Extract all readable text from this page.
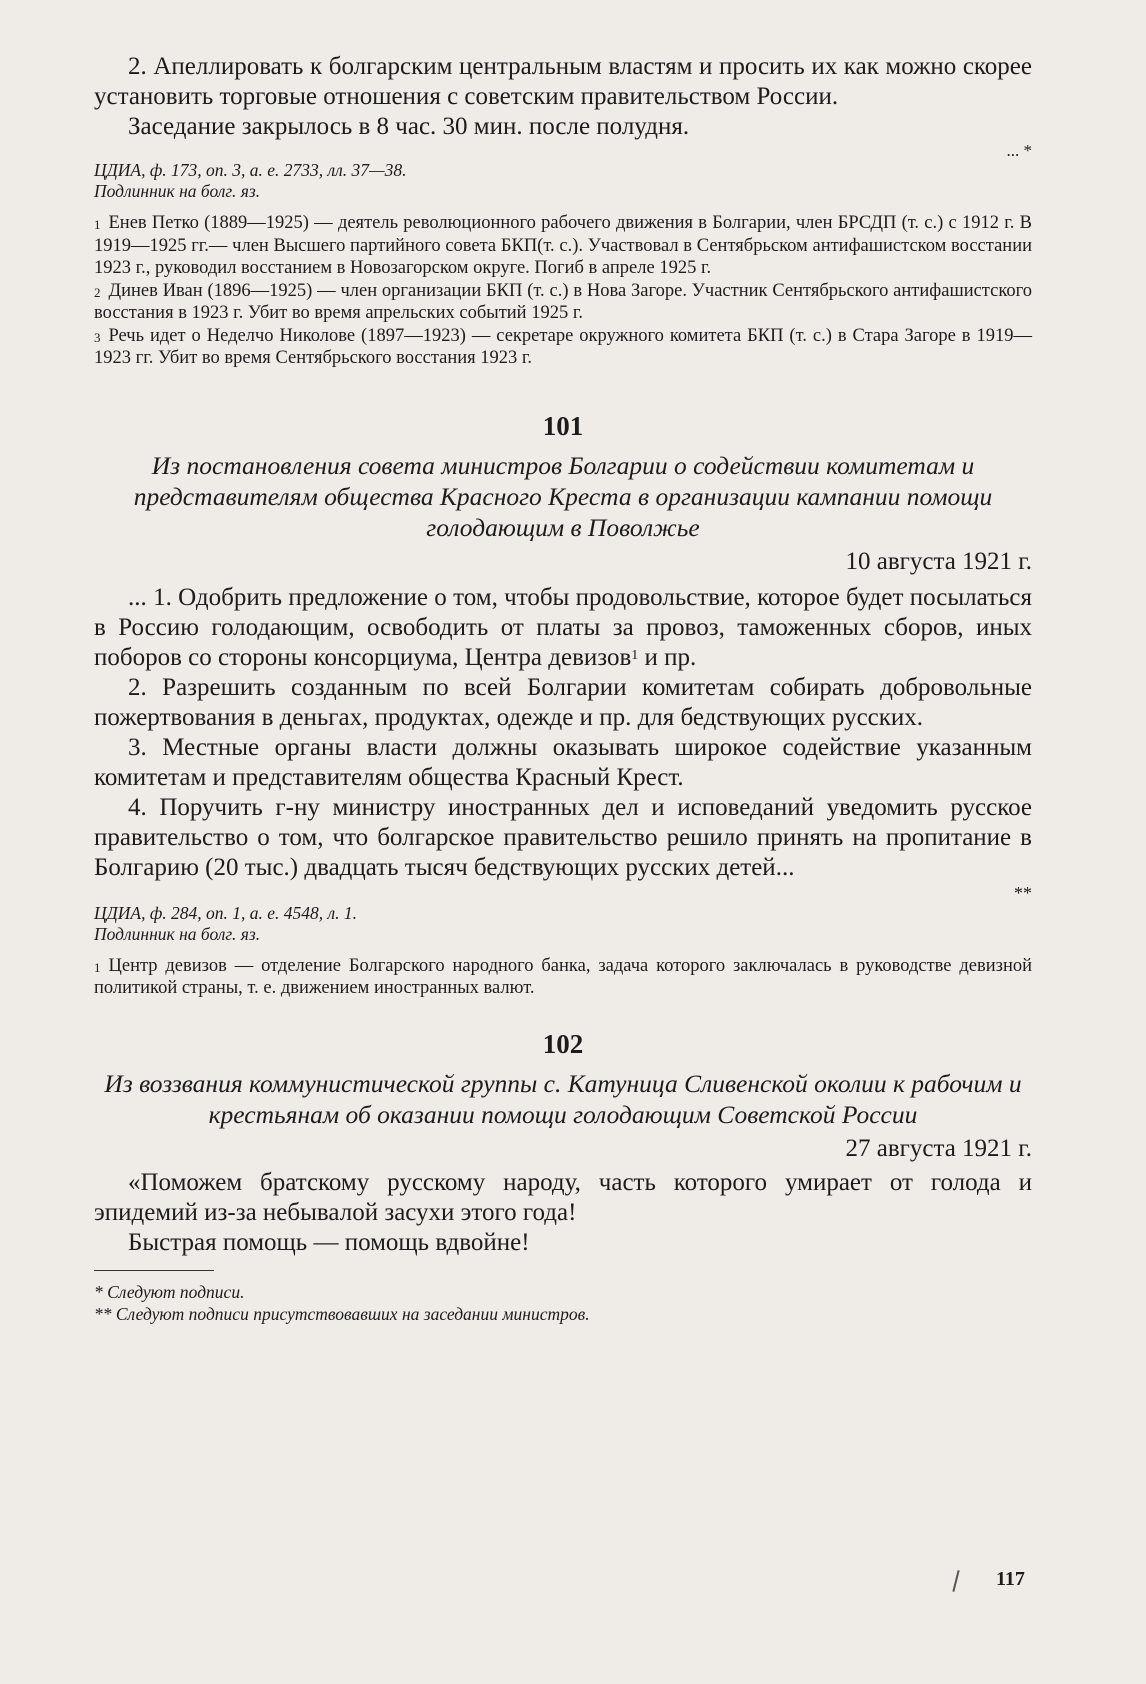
2. Апеллировать к болгарским центральным властям и просить их как можно скорее установить торговые отношения с советским правительством России.

Заседание закрылось в 8 час. 30 мин. после полудня.

... *

ЦДИА, ф. 173, оп. 3, а. е. 2733, лл. 37—38.

Подлинник на болг. яз.

$^1$ Енев Петко (1889—1925) — деятель революционного рабочего движения в Болгарии, член БРСДП (т. с.) с 1912 г. В 1919—1925 гг.— член Высшего партийного совета БКП(т. с.). Участвовал в Сентябрьском антифашистском восстании 1923 г., руководил восстанием в Новозагорском округе. Погиб в апреле 1925 г.
$^2$ Динев Иван (1896—1925) — член организации БКП (т. с.) в Нова Загоре. Участник Сентябрьского антифашистского восстания в 1923 г. Убит во время апрельских событий 1925 г.
$^3$ Речь идет о Неделчо Николове (1897—1923) — секретаре окружного комитета БКП (т. с.) в Стара Загоре в 1919—1923 гг. Убит во время Сентябрьского восстания 1923 г.

101

Из постановления совета министров Болгарии о содействии комитетам и представителям общества Красного Креста в организации кампании помощи голодающим в Поволжье

10 августа 1921 г.

... 1. Одобрить предложение о том, чтобы продовольствие, которое будет посылаться в Россию голодающим, освободить от платы за провоз, таможенных сборов, иных поборов со стороны консорциума, Центра девизов$^1$ и пр.

2. Разрешить созданным по всей Болгарии комитетам собирать добровольные пожертвования в деньгах, продуктах, одежде и пр. для бедствующих русских.

3. Местные органы власти должны оказывать широкое содействие указанным комитетам и представителям общества Красный Крест.

4. Поручить г-ну министру иностранных дел и исповеданий уведомить русское правительство о том, что болгарское правительство решило принять на пропитание в Болгарию (20 тыс.) двадцать тысяч бедствующих русских детей...

**

ЦДИА, ф. 284, оп. 1, а. е. 4548, л. 1.

Подлинник на болг. яз.

$^1$ Центр девизов — отделение Болгарского народного банка, задача которого заключалась в руководстве девизной политикой страны, т. е. движением иностранных валют.

102

Из воззвания коммунистической группы с. Катуница Сливенской околии к рабочим и крестьянам об оказании помощи голодающим Советской России

27 августа 1921 г.

«Поможем братскому русскому народу, часть которого умирает от голода и эпидемий из-за небывалой засухи этого года!

Быстрая помощь — помощь вдвойне!

* Следуют подписи.

** Следуют подписи присутствовавших на заседании министров.

117
